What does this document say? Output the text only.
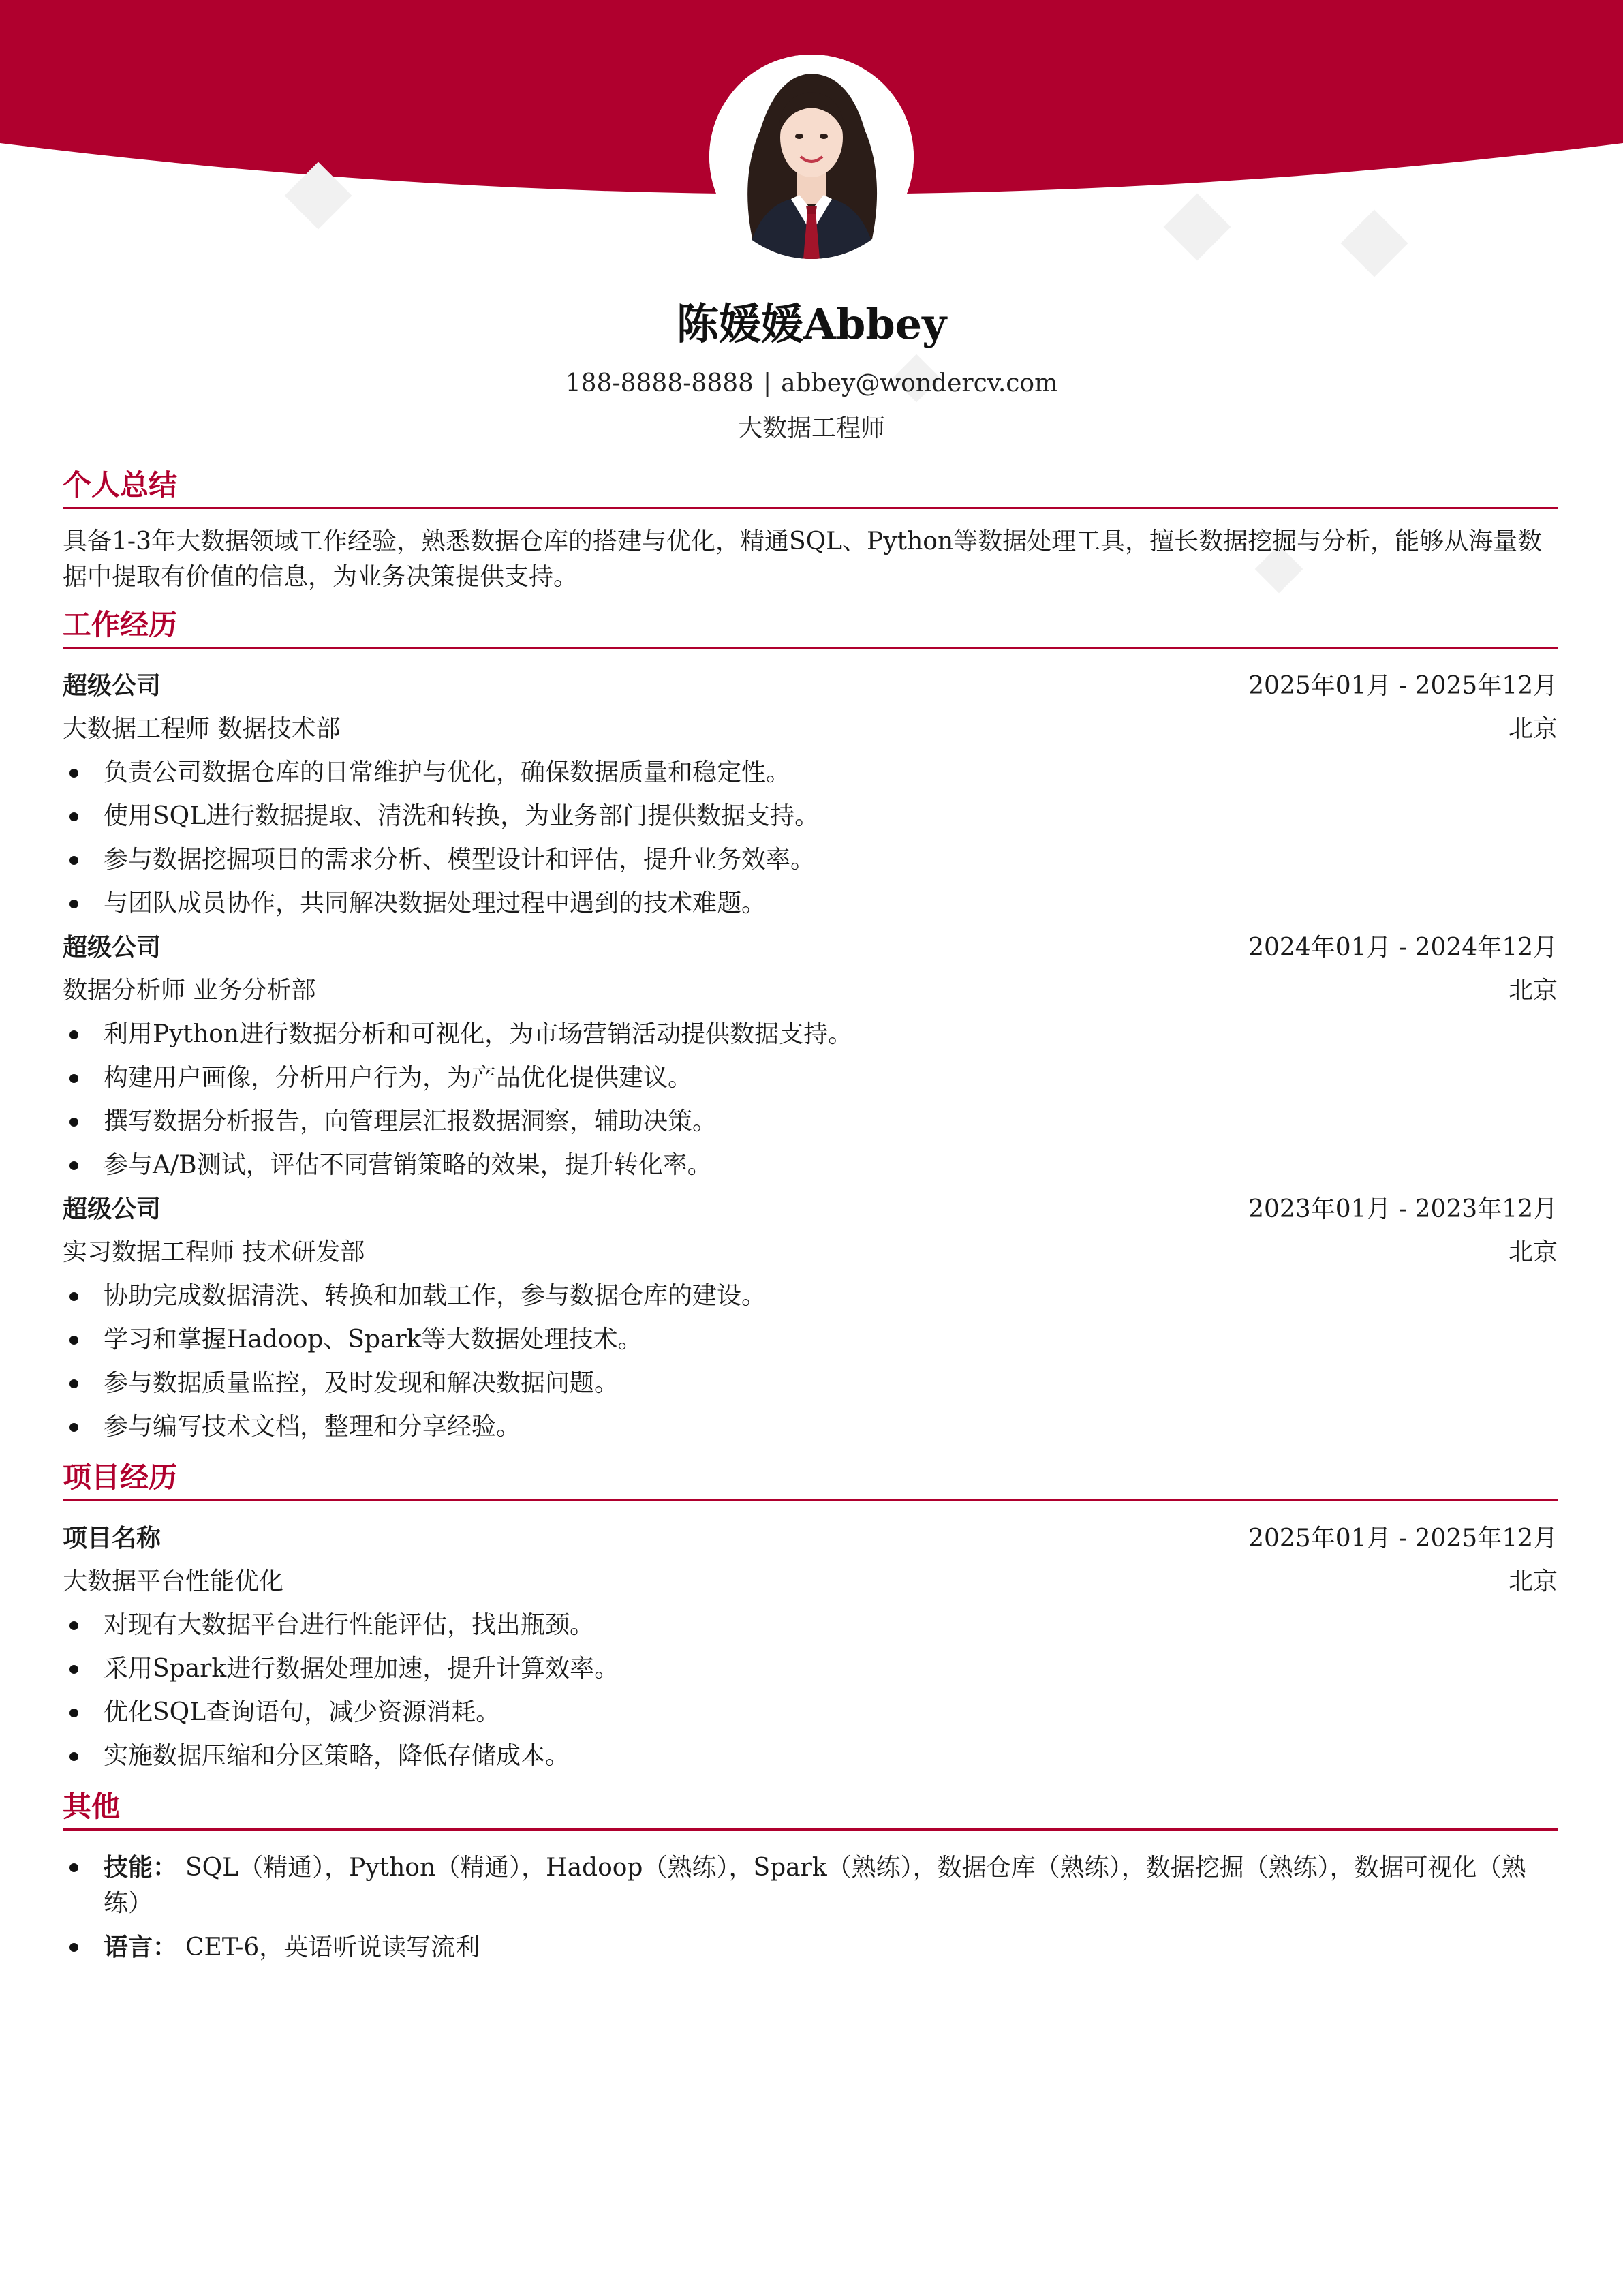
陈媛媛Abbey
188-8888-8888 | abbey@wondercv.com
大数据工程师
个人总结
具备1-3年大数据领域工作经验，熟悉数据仓库的搭建与优化，精通SQL、Python等数据处理工具，擅长数据挖掘与分析，能够从海量数据中提取有价值的信息，为业务决策提供支持。
工作经历
超级公司	2025年01月 - 2025年12月
大数据工程师 数据技术部	北京
负责公司数据仓库的日常维护与优化，确保数据质量和稳定性。
使用SQL进行数据提取、清洗和转换，为业务部门提供数据支持。
参与数据挖掘项目的需求分析、模型设计和评估，提升业务效率。
与团队成员协作，共同解决数据处理过程中遇到的技术难题。
超级公司	2024年01月 - 2024年12月
数据分析师 业务分析部	北京
利用Python进行数据分析和可视化，为市场营销活动提供数据支持。
构建用户画像，分析用户行为，为产品优化提供建议。
撰写数据分析报告，向管理层汇报数据洞察，辅助决策。
参与A/B测试，评估不同营销策略的效果，提升转化率。
超级公司	2023年01月 - 2023年12月
实习数据工程师 技术研发部	北京
协助完成数据清洗、转换和加载工作，参与数据仓库的建设。
学习和掌握Hadoop、Spark等大数据处理技术。
参与数据质量监控，及时发现和解决数据问题。
参与编写技术文档，整理和分享经验。
项目经历
项目名称	2025年01月 - 2025年12月
大数据平台性能优化	北京
对现有大数据平台进行性能评估，找出瓶颈。
采用Spark进行数据处理加速，提升计算效率。
优化SQL查询语句，减少资源消耗。
实施数据压缩和分区策略，降低存储成本。
其他
技能： SQL（精通），Python（精通），Hadoop（熟练），Spark（熟练），数据仓库（熟练），数据挖掘（熟练），数据可视化（熟练）
语言： CET-6，英语听说读写流利
